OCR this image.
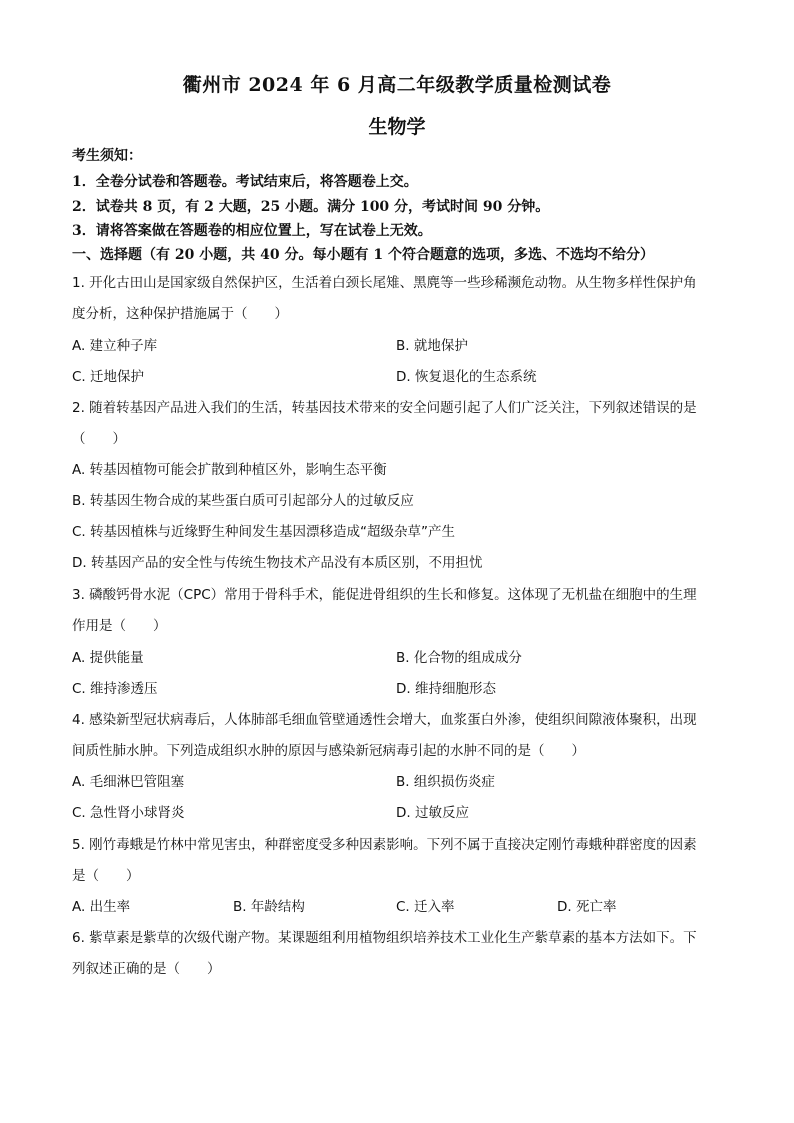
衢州市 2024 年 6 月高二年级教学质量检测试卷
生物学
考生须知：
1．全卷分试卷和答题卷。考试结束后，将答题卷上交。
2．试卷共 8 页，有 2 大题，25 小题。满分 100 分，考试时间 90 分钟。
3．请将答案做在答题卷的相应位置上，写在试卷上无效。
一、选择题（有 20 小题，共 40 分。每小题有 1 个符合题意的选项，多选、不选均不给分）
1. 开化古田山是国家级自然保护区，生活着白颈长尾雉、黑麂等一些珍稀濒危动物。从生物多样性保护角
度分析，这种保护措施属于（　　）
A. 建立种子库	B. 就地保护
C. 迁地保护	D. 恢复退化的生态系统
2. 随着转基因产品进入我们的生活，转基因技术带来的安全问题引起了人们广泛关注，下列叙述错误的是
（　　）
A. 转基因植物可能会扩散到种植区外，影响生态平衡
B. 转基因生物合成的某些蛋白质可引起部分人的过敏反应
C. 转基因植株与近缘野生种间发生基因漂移造成“超级杂草”产生
D. 转基因产品的安全性与传统生物技术产品没有本质区别，不用担忧
3. 磷酸钙骨水泥（CPC）常用于骨科手术，能促进骨组织的生长和修复。这体现了无机盐在细胞中的生理
作用是（　　）
A. 提供能量	B. 化合物的组成成分
C. 维持渗透压	D. 维持细胞形态
4. 感染新型冠状病毒后，人体肺部毛细血管壁通透性会增大，血浆蛋白外渗，使组织间隙液体聚积，出现
间质性肺水肿。下列造成组织水肿的原因与感染新冠病毒引起的水肿不同的是（　　）
A. 毛细淋巴管阻塞	B. 组织损伤炎症
C. 急性肾小球肾炎	D. 过敏反应
5. 刚竹毒蛾是竹林中常见害虫，种群密度受多种因素影响。下列不属于直接决定刚竹毒蛾种群密度的因素
是（　　）
A. 出生率	B. 年龄结构	C. 迁入率	D. 死亡率
6. 紫草素是紫草的次级代谢产物。某课题组利用植物组织培养技术工业化生产紫草素的基本方法如下。下
列叙述正确的是（　　）
